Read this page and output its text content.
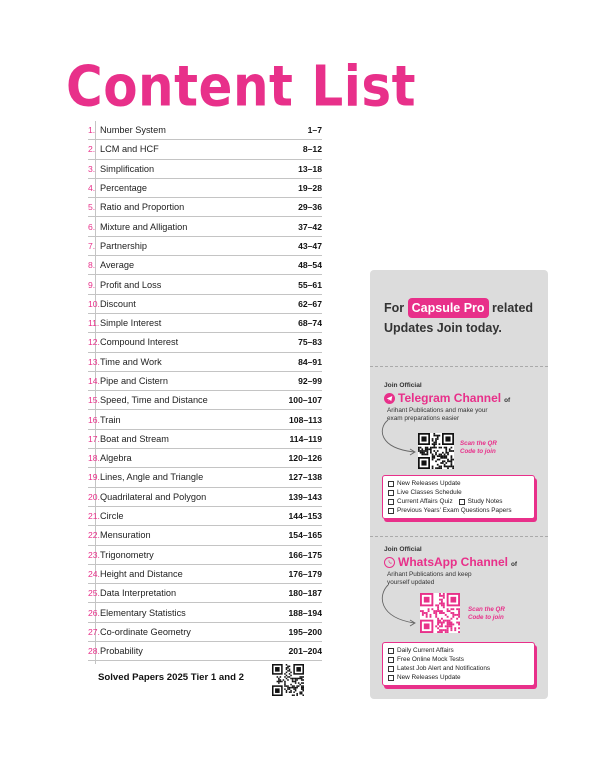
Content List
1. Number System	1–7
2. LCM and HCF	8–12
3. Simplification	13–18
4. Percentage	19–28
5. Ratio and Proportion	29–36
6. Mixture and Alligation	37–42
7. Partnership	43–47
8. Average	48–54
9. Profit and Loss	55–61
10. Discount	62–67
11. Simple Interest	68–74
12. Compound Interest	75–83
13. Time and Work	84–91
14. Pipe and Cistern	92–99
15. Speed, Time and Distance	100–107
16. Train	108–113
17. Boat and Stream	114–119
18. Algebra	120–126
19. Lines, Angle and Triangle	127–138
20. Quadrilateral and Polygon	139–143
21. Circle	144–153
22. Mensuration	154–165
23. Trigonometry	166–175
24. Height and Distance	176–179
25. Data Interpretation	180–187
26. Elementary Statistics	188–194
27. Co-ordinate Geometry	195–200
28. Probability	201–204
Solved Papers 2025 Tier 1 and 2
For Capsule Pro related
Updates Join today.
Join Official
Telegram Channel of
Arihant Publications and make your
exam preparations easier
Scan the QR
Code to join
New Releases Update
Live Classes Schedule
Current Affairs Quiz Study Notes
Previous Years' Exam Questions Papers
Join Official
WhatsApp Channel of
Arihant Publications and keep
yourself updated
Scan the QR
Code to join
Daily Current Affairs
Free Online Mock Tests
Latest Job Alert and Notifications
New Releases Update
